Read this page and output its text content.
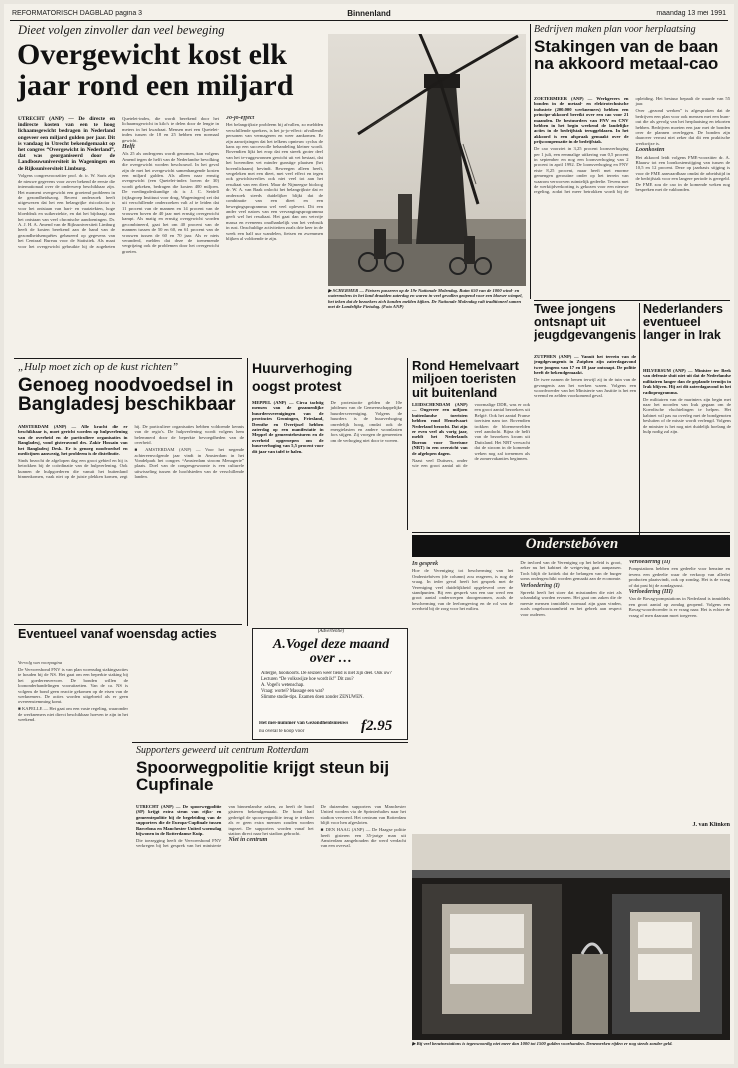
REFORMATORISCH DAGBLAD pagina 3	Binnenland	maandag 13 mei 1991
Dieet volgen zinvoller dan veel beweging
Overgewicht kost elk jaar rond een miljard

UTRECHT (ANP) — De directe en indirecte kosten van een te hoog lichaamsgewicht bedragen in Nederland ongeveer een miljard gulden per jaar. Dit is vandaag in Utrecht bekendgemaakt op het congres “Overgewicht in Nederland”, dat was georganiseerd door de Landbouwuniversiteit in Wageningen en de Rijksuniversiteit Limburg.

Volgens congresvoorzitter prof. dr. ir. W. Saris zijn de nieuwe gegevens voor zover bekend de eerste die internationaal over de onderwerp beschikbaar zijn. Het moment overgewicht een groeiend probleem in de gezondheidszorg. Recent onderzoek heeft uitgewezen dat het een belangrijke risicofactor is voor het ontstaan van hart- en vaatziekten, hoge bloeddruk en suikerziekte, en dat het bijdraagt aan het ontstaan van veel chronische aandoeningen. Dr. A. J. H. A. Amend van de Rijksuniversiteit Limburg heeft de kosten berekend aan de hand van de gezondheidsenquêtes gebaseerd op gegevens van het Centraal Bureau voor de Statistiek. Als maat voor het overgewicht gebruikte hij de zogeheten Quetelet-index, die wordt berekend door het lichaamsgewicht in kilo's te delen door de lengte in meters in het kwadraat. Mensen met een Quetelet-index tussen de 18 en 25 hebben een normaal gewicht.

Helft

Als 25 als ondergrens wordt genomen, kan volgens Amend tegen de helft van de Nederlandse bevolking die overgewicht worden beschouwd. In het geval zijn de met het overgewicht samenhangende kosten een miljard gulden. Als alleen naar ernstig overgewicht (een Quetelet-index boven de 30) wordt gekeken, bedragen die kosten 400 miljoen. De voedingsdeskundige dr. ir. J. C. Seidell (rijksgroep Instituut voor drug, Wageningen) zei dat uit verschillende onderzoeken valt af te leiden dat 11 procent van de mannen en 14 procent van de vrouwen boven de 40 jaar met ernstig overgewicht kampt. Als matig en ernstig overgewicht worden gecombineerd, gaat het om 40 procent van de mannen tussen de 50 en 60, en 61 procent van de vrouwen tussen de 60 en 70 jaar. Als er niets veranderd, melden dat deze de toenemende vergrijzing ook de problemen door het overgewicht groeien.

Jo-jo-effect

Het belangrijkste probleem bij afvallen, zo meldden verschillende sprekers, is het jo-jo-effect: afvallende personen van vermageren en weer aankomen. Er zijn aanwijzingen dat het telkens opnieuw cyclus de kans op een succesvolle behandeling kleiner wordt. Bovendien lijkt het erop dat een streek groter deel van het te-ruggewonnen gewicht uit vet bestaat, dat het bovendien vet minder gunstige plaatsen (het bovenlichaam) bevindt. Beweegen alleen heeft, vergeleken met een dieet, met veel effect en tegen ook gewichtsverlies ook niet veel tot aan het resultaat van een dieet. Maar de Nijmeegse bioloog dr. W. A. van Baak onlockt het belangrijkste dat er onderzoek steeds duidelijker blijkt dat de combinatie van een dieet en een bewegingsprogramma wel veel oplevert. Dit een ander veel natoes van een vervangingsprogramma geeft wel het resultaat. Het gaat dan om vetvrije massa en eveneens onafhankelijk van het verbruik in rust. Onschuldige activiteiten zoals drie keer in de week een half uur wandelen, fietsen en zwemmen blijken al voldoende te zijn.

▶ SCHERMER — Fietsers passeren op de 19e Nationale Molendag. Ruim 650 van de 1000 wind- en watermolens in het land draaiden zaterdag en waren in veel gevallen geopend voor een bloeser wimpel, het teken dat de bezoekers zich konden melden kijken. De Nationale Molendag valt traditioneel samen met de Landelijke Fietsdag. (Foto ANP)
Bedrijven maken plan voor herplaatsing
Stakingen van de baan na akkoord metaal-cao

ZOETERMEER (ANP) — Werkgevers en bonden in de metaal- en elektrotechnische industrie (200.000 werknemers) hebben een principe-akkoord bereikt over een cao voor 21 maanden. De bestuurders van FNV en CNV hebben in het begin weekend de landelijke acties in de bedrijfstak teruggeblazen. In het akkoord is een afspraak gemaakt over de prijscompensatie in de bedrijfstak.

De cao voorziet in 3,25 procent loonsverhoging per 1 juli, een eenmalige uitkering van 0,5 procent in september en nog een loonsverhoging van 2 procent in april 1992. De loonsverhoging en FNV eiste 8,25 procent, maar heeft met enorme gemengen geroutine onder op het terrein van waarom verworven ruimtelijk gedeelte. Tevens met de werktijdverkorting is gekozen voor een nieuwe regeling, zodat het meer betrokken wordt bij de opleiding. Het bestuur bepaalt de waarde van 55 jaar.

Over „gezond werken” is afgesproken dat de bedrijven een plan voor ook mensen met een burn-out die als gevolg van het herplaatsing en tekorten hebben. Bedrijven moeten een jaar met de bonden over de plannen overleggen. De bonden zijn daarover verrast niet zeker dat dit een praktische werkwijze is.

Loonkosten

Het akkoord leidt volgens FME-voorzitter dr. A. Blaauw tot een loonkostenstijging van tussen de 10,5 en 12 procent. Deze op jaarbasis stijging is voor de FME aanvaardbaar omdat de arbeidstijd in de bedrijfstak voor een langere periode is geregeld. De FME zou de cao in de komende weken nog bespreken met de vakbonden.

Twee jongens ontsnapt uit jeugdgevangenis

ZUTPHEN (ANP) — Vanuit het terrein van de jeugdgevangenis in Zutphen zijn zaterdagavond twee jongens van 17 en 18 jaar ontsnapt. De politie heeft de bekendgemaakt.

De twee namen de benen terwijl zij in de tuin van de gevangenis aan het werken waren. Volgens een woordvoerder van het Ministerie van Justitie is het een vreemd en zelden voorkomend geval.

Nederlanders eventueel langer in Irak

HILVERSUM (ANP) — Minister ter Beek van defensie sluit niet uit dat de Nederlandse militairen langer dan de geplande termijn in Irak blijven. Hij zei dit zaterdagavond in het radioprogramma.

De militairen van de mariniers zijn begin mei naar het noorden van Irak gegaan om de Koerdische vluchtelingen te helpen. Het kabinet wil pas na overleg met de bondgenoten besluiten of de missie wordt verlengd. Volgens de minister is het nog niet duidelijk hoelang de hulp nodig zal zijn.

„Hulp moet zich op de kust richten”
Genoeg noodvoedsel in Bangladesj beschikbaar

AMSTERDAM (ANP) — Alle kracht die er beschikbaar is, moet gericht worden op hulpverlening van de overheid en de particuliere organisaties in Bangladesj, vond gisteravond drs. Zakir Hossain van het Bangladesj Desk. Er is genoeg noodvoedsel en medicijnen aanwezig, het probleem is de distributie.

Sinds bezocht de afgelopen dag een groot gebied en hij is betrokken bij de coördinatie van de hulpverlening. Ook kunnen de hulpgoederen die vanuit het buitenland binnenkomen, vaak niet op de juiste plekken komen, zegt hij. De particuliere organisaties hebben voldoende kennis van de regio's. De hulpverlening wordt volgens hem belemmerd door de beperkte bevoegdheden van de overheid.

■ AMSTERDAM (ANP) — Voor het negende achtereenvolgende jaar vindt in Amsterdam in het Vondelpark het congres “Amsterdam stroom Menagerie” plaats. Doel van de congresgewoonte is een culturele uitwisseling tussen de hoofdsteden van de verschillende landen.

Huurverhoging
oogst protest

MEPPEL (ANP) — Circa tachtig mensen van de gezamenlijke huurdersverenigingen van de provincies Groningen, Friesland, Drenthe en Overijssel hebben zaterdag op een manifestatie in Meppel de gemeentebesturen en de overheid opgeroepen om de huurverhoging van 5,5 procent voor dit jaar van tafel te halen.

De protestactie gelden de 10e jubileum van de Gemeenschappelijke huurdersvereniging. Volgens de huurders is de huurverhoging onredelijk hoog, omdat ook de energielasten en andere woonlasten fors stijgen. Zij vroegen de gemeenten om de verhoging niet door te voeren.

Rond Hemelvaart miljoen toeristen uit buitenland

LEIDSCHENDAM (ANP) — Ongeveer een miljoen buitenlandse toeristen hebben rond Hemelvaart Nederland bezocht. Dat zijn er even veel als vorig jaar, meldt het Nederlands Bureau voor Toerisme (NBT) in een overzicht van de afgelopen dagen.

Naast veel Duitsers, onder wie een groot aantal uit de voormalige DDR, was er ook een groot aantal bezoekers uit België. Ook het aantal Franse toeristen nam toe. Bovendien trokken de bloemenvelden veel aandacht. Bijna de helft van de bezoekers kwam uit Duitsland. Het NBT verwacht dat de stroom in de komende weken nog zal toenemen als de zomervakanties beginnen.

Onderstebóven
(Advertentie)
A.Vogel deze maand over …
Allergie, hooikoorts. De seizoen weer tiend is niet zijn deel. Ook uw?
Lecturen “De volkswijze hoe wordt ik!” Dit zou?
A. Vogel's wetenschap.
Vraag: wortel? Massage een wat?
Slimme studie-tips. Examen doen zonder ZENUWEN.
Het mei-nummer van Gezondheidsnieuws
nu overal te koop voor	f2.95
Eventueel vanaf woensdag acties

Vervolg van voorpagina

De Vervoersbond FNV is van plan woensdag stakingsacties te houden bij de NS. Het gaat om een beperkte staking bij het goederenvervoer. De bonden willen de loononderhandelingen vooruitzetten. Van de ca. NS is volgens de bond geen reactie gekomen op de eisen van de werknemers. De acties worden uitgebreid als er geen overeenstemming komt.

■ KAPELLE — Het gaat om een vaste regeling, waaronder de werknemers niet direct beschikbaar hoeven te zijn in het weekend.

Supporters geweerd uit centrum Rotterdam
Spoorwegpolitie krijgt steun bij Cupfinale

UTRECHT (ANP) — De spoorwegpolitie (SP) krijgt extra steun van rijks- en gemeentepolitie bij de begeleiding van de supporters die de Europa-Cupfinale tussen Barcelona en Manchester United woensdag bijwonen in de Rotterdamse Kuip.

Die toezegging heeft de Vervoersbond FNV verkregen bij het gesprek van het ministerie van binnenlandse zaken, zo heeft de bond gisteren bekendgemaakt. De bond had gedreigd de spoorwegpolitie terug te trekken als er geen extra mensen zouden worden ingezet. De supporters worden vanaf het station direct naar het stadion gebracht.

Niet in centrum

De duizenden supporters van Manchester United worden via de Sprinterhaltes naar het stadion vervoerd. Het centrum van Rotterdam blijft voor hen afgesloten.

■ DEN HAAG (ANP) — De Haagse politie heeft gisteren een 35-jarige man uit Amsterdam aangehouden die werd verdacht van een overval.

In gesprek

Hoe de Vereniging tot bescherming van het Onderstebóven (de column) zou reageren, is nog de vraag. In ieder geval heeft het gesprek met de Vereniging veel duidelijkheid opgeleverd over de standpunten. Bij een gesprek van een uur werd een groot aantal onderwerpen doorgenomen, zoals de bescherming van de leefomgeving en de rol van de overheid bij de zorg voor het milieu.

De invloed van de Vereniging op het beleid is groot, zeker nu het kabinet de wetgeving gaat aanpassen. Toch blijft de kritiek dat de belangen van de burger soms ondergeschikt worden gemaakt aan de economie.

Verloedering (I)

Spreekt heeft het stoer dat misstanden die niet als schandalig worden ervaren. Het gaat om zaken die de meeste mensen inmiddels normaal zijn gaan vinden, zoals ongehoorzaamheid en het gebrek aan respect voor ouderen.

Verloedering (II)

Pompstations hebben een gedeelte voor benzine en tevens een gedeelte waar de verkoop van allerlei producten plaatsvindt, ook op zondag. Het is de vraag of dat past bij de zondagsrust.

Verloedering (III)

Van de Bovag-pompstations in Nederland is inmiddels een groot aantal op zondag geopend. Volgens een Bovag-woordvoerder is er vraag naar. Het is echter de vraag of men daaraan moet toegeven.

J. van Klinken
▶ Bij veel benzinestations is tegenwoordig niet meer dan 1000 tot 1500 gulden voorhanden. Denemerken rijden er nog steeds zonder geld.
